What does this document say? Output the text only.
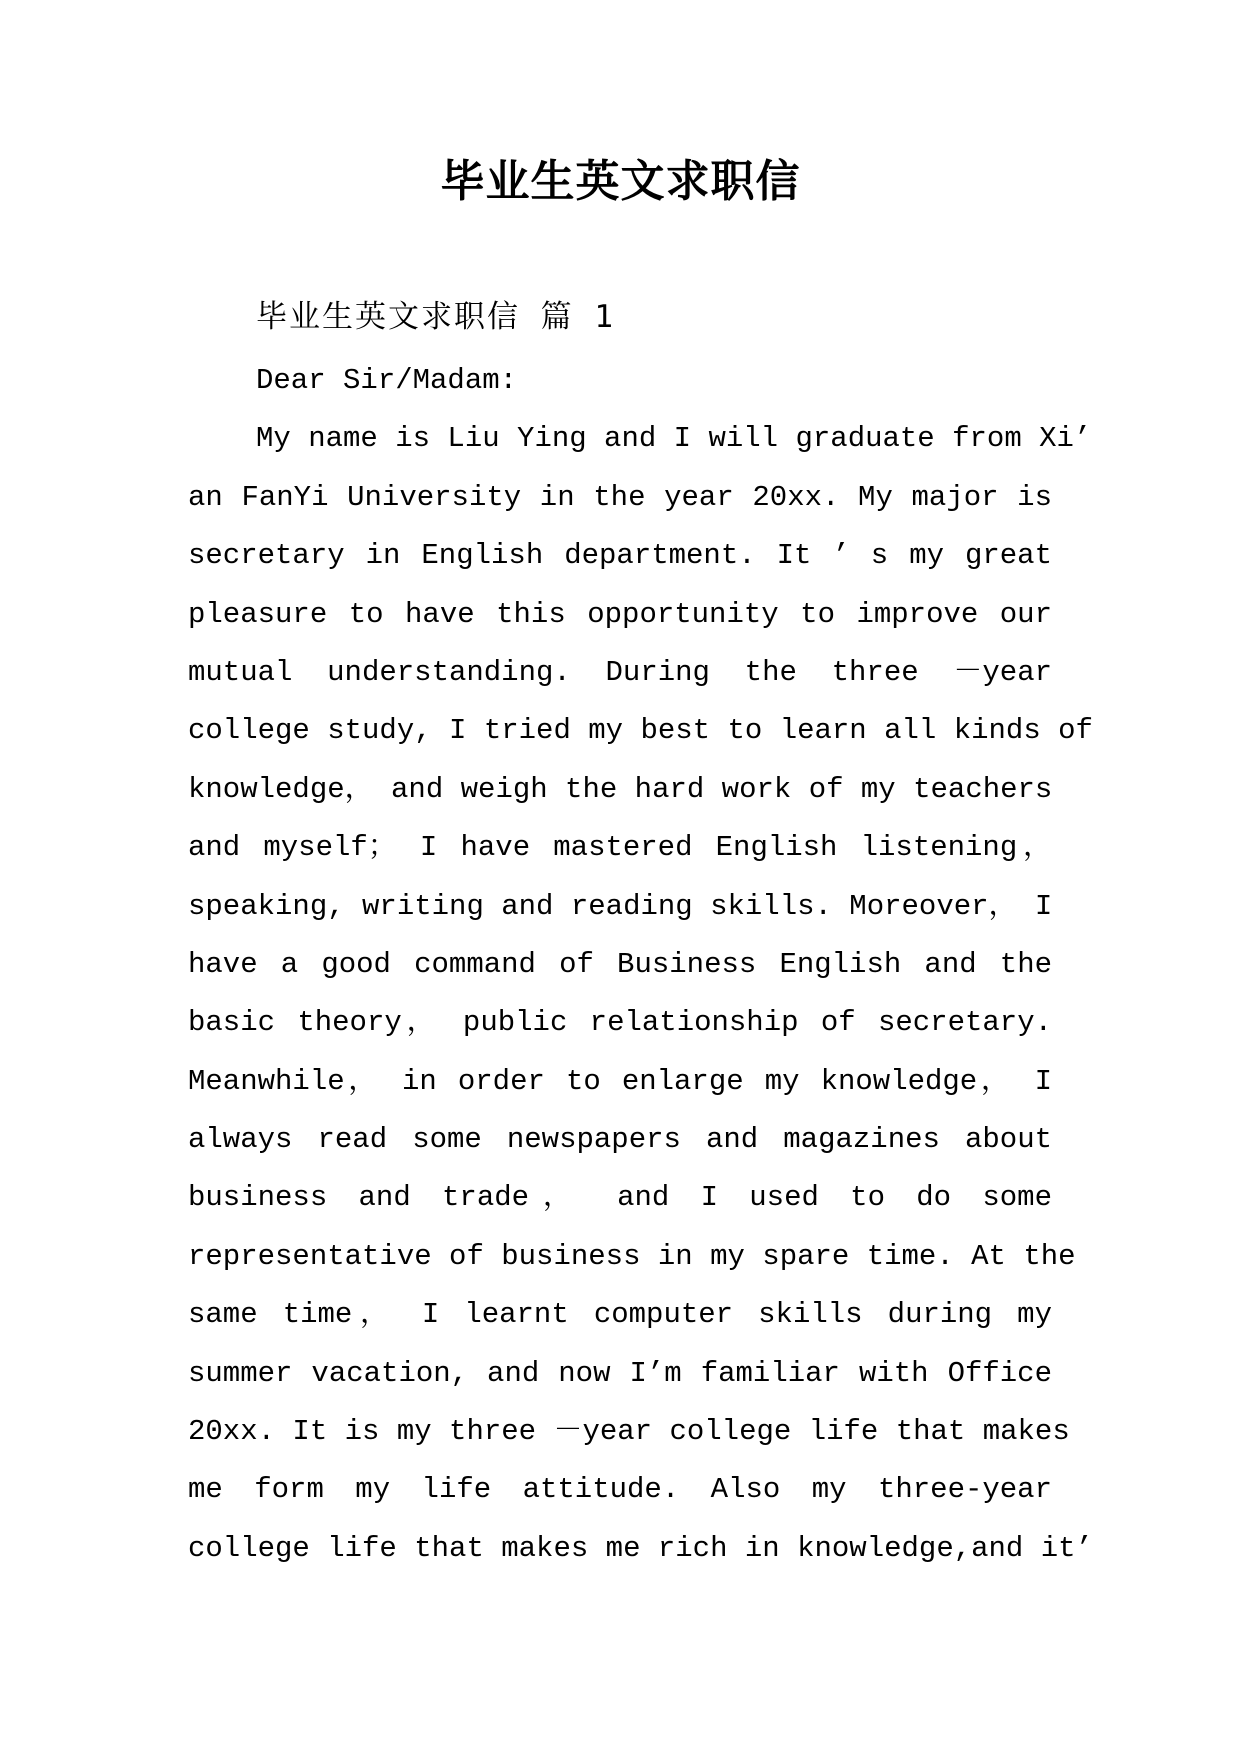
毕业生英文求职信
毕业生英文求职信 篇 1
Dear Sir/Madam:
My name is Liu Ying and I will graduate from Xi’
an FanYi University in the year 20xx. My major is
secretary in English department. It ’ s my great
pleasure to have this opportunity to improve our
mutual understanding. During the three －year
college study, I tried my best to learn all kinds of
knowledge， and weigh the hard work of my teachers
and myself； I have mastered English listening，
speaking, writing and reading skills. Moreover， I
have a good command of Business English and the
basic theory， public relationship of secretary.
Meanwhile， in order to enlarge my knowledge， I
always read some newspapers and magazines about
business and trade， and I used to do some
representative of business in my spare time. At the
same time， I learnt computer skills during my
summer vacation, and now I’m familiar with Office
20xx. It is my three －year college life that makes
me form my life attitude. Also my three-year
college life that makes me rich in knowledge,and it’
